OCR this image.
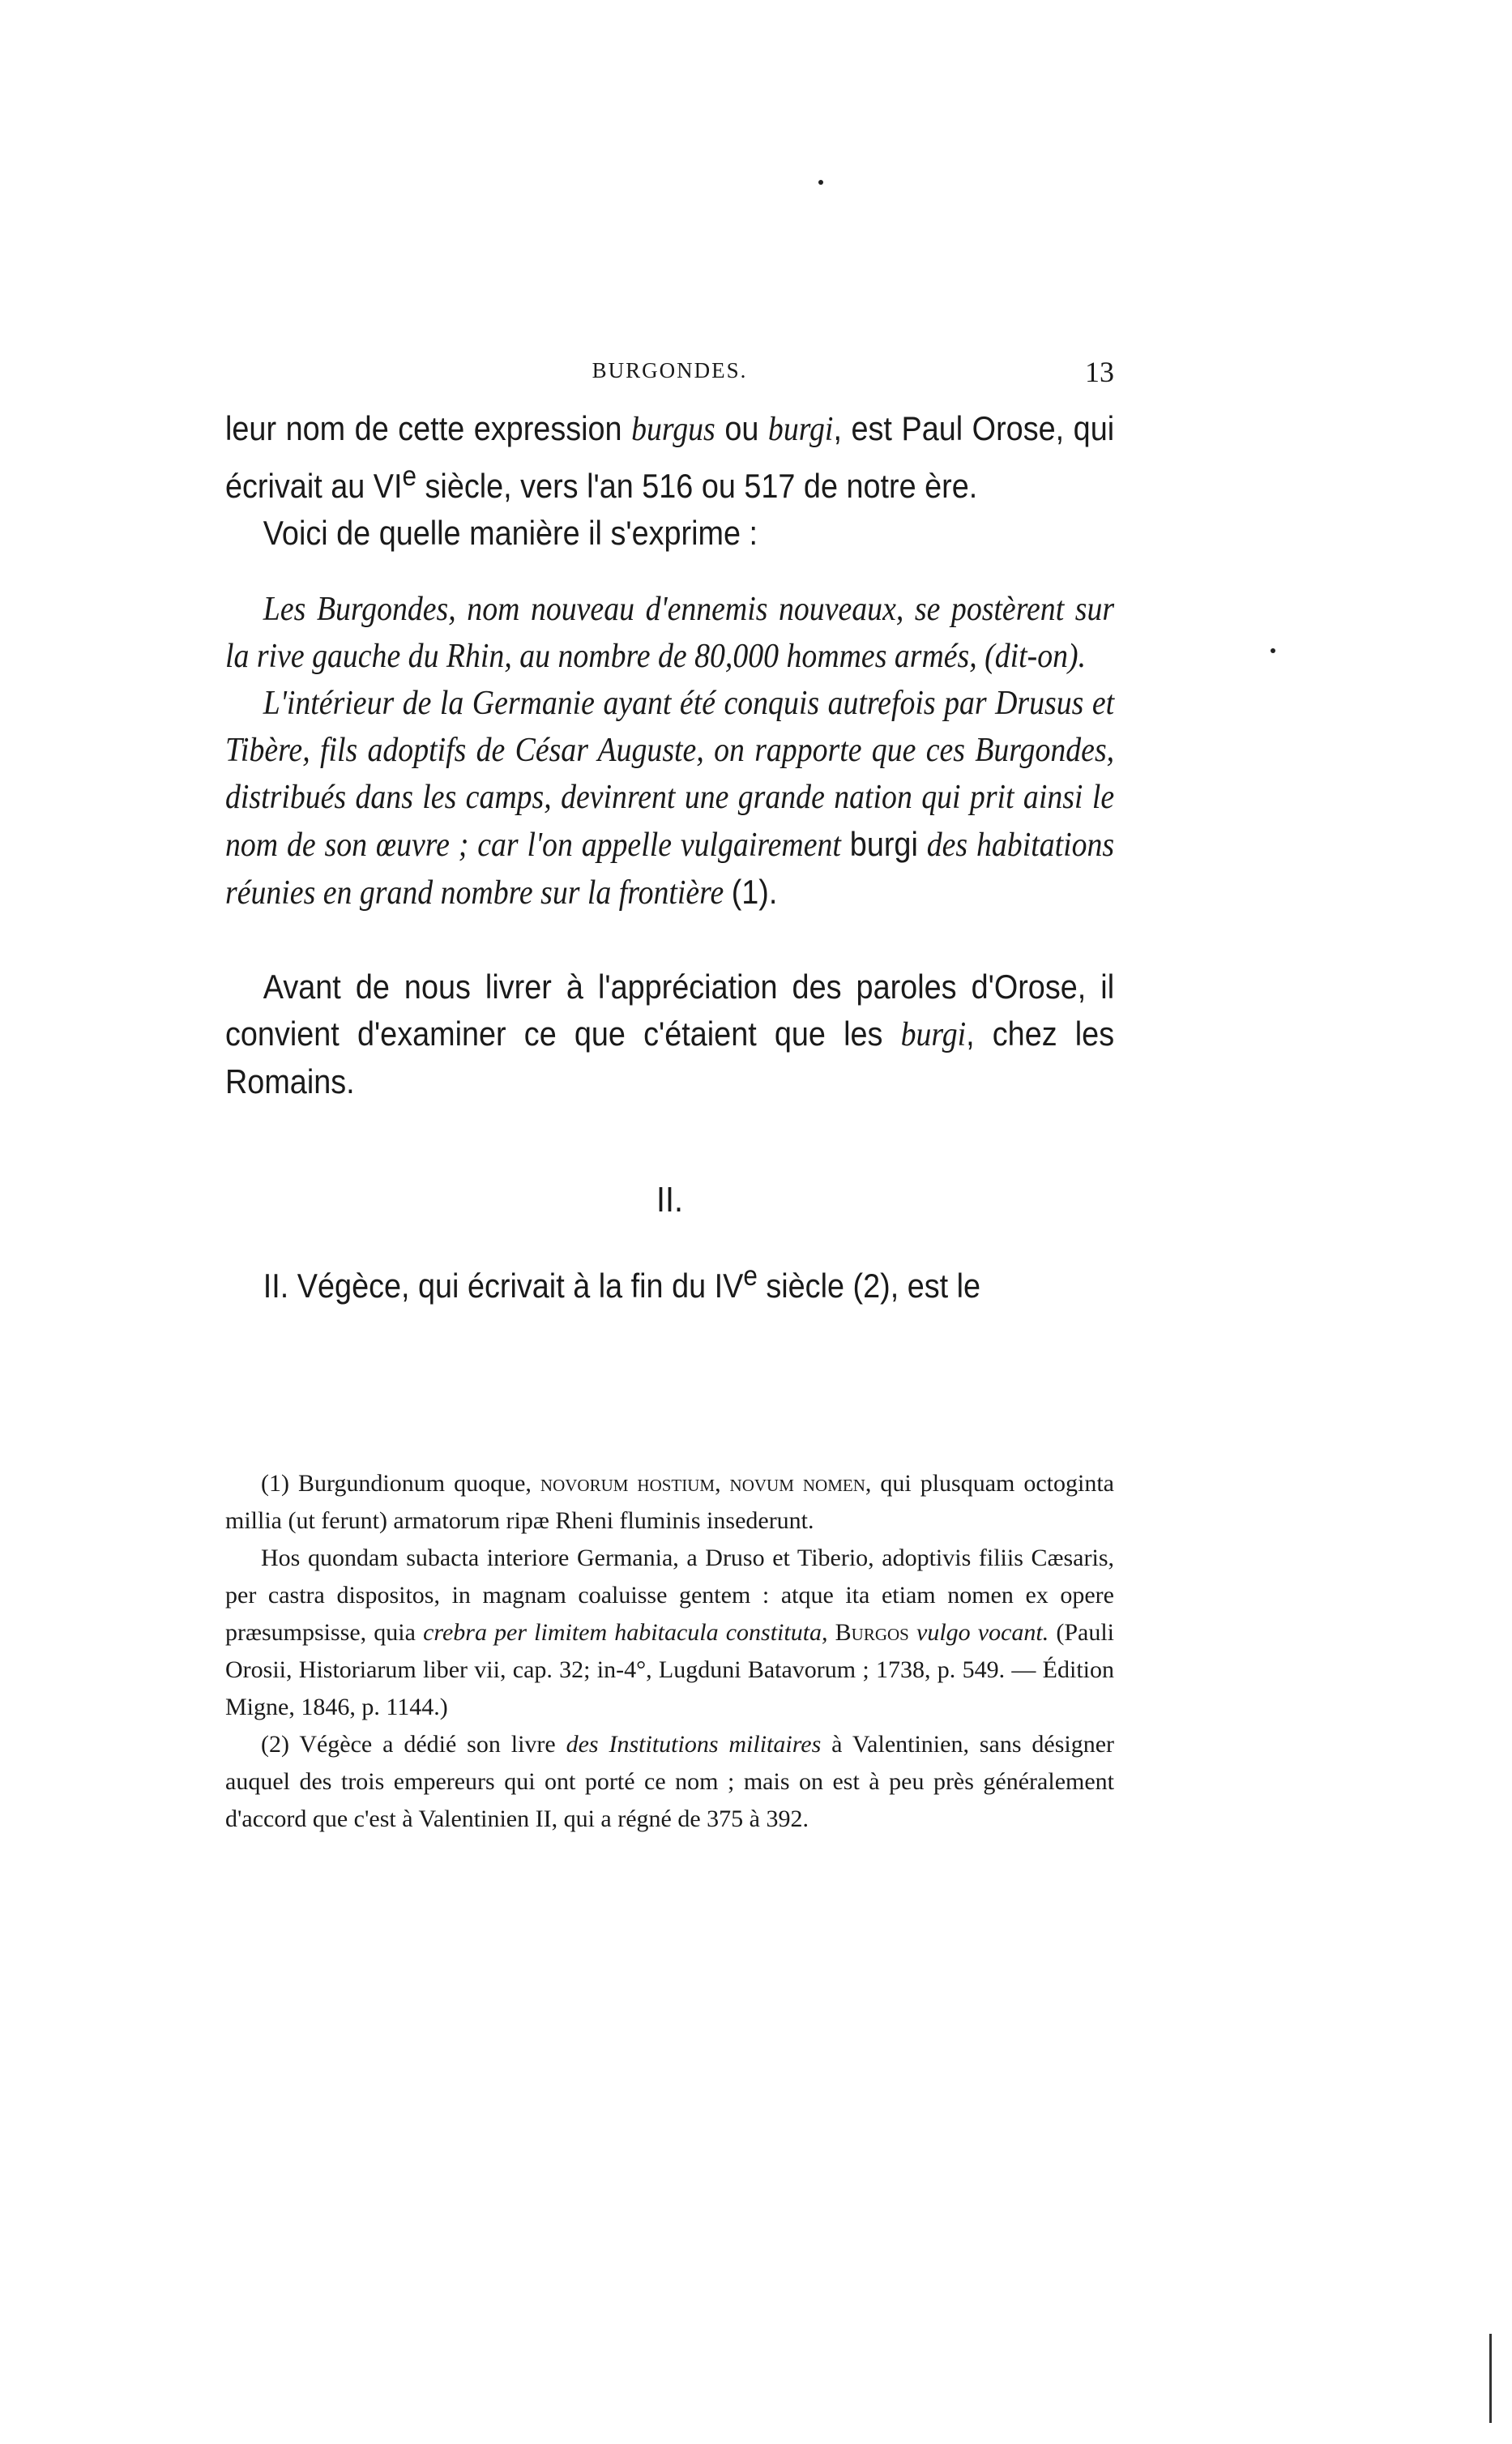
BURGONDES.	13

leur nom de cette expression burgus ou burgi, est Paul Orose, qui écrivait au VIe siècle, vers l'an 516 ou 517 de notre ère.

Voici de quelle manière il s'exprime :

Les Burgondes, nom nouveau d'ennemis nouveaux, se postèrent sur la rive gauche du Rhin, au nombre de 80,000 hommes armés, (dit-on).

L'intérieur de la Germanie ayant été conquis autrefois par Drusus et Tibère, fils adoptifs de César Auguste, on rapporte que ces Burgondes, distribués dans les camps, devinrent une grande nation qui prit ainsi le nom de son œuvre ; car l'on appelle vulgairement burgi des habitations réunies en grand nombre sur la frontière (1).

Avant de nous livrer à l'appréciation des paroles d'Orose, il convient d'examiner ce que c'étaient que les burgi, chez les Romains.

II.

II. Végèce, qui écrivait à la fin du IVe siècle (2), est le

(1) Burgundionum quoque, novorum hostium, novum nomen, qui plusquam octoginta millia (ut ferunt) armatorum ripæ Rheni fluminis insederunt.

Hos quondam subacta interiore Germania, a Druso et Tiberio, adoptivis filiis Cæsaris, per castra dispositos, in magnam coaluisse gentem : atque ita etiam nomen ex opere præsumpsisse, quia crebra per limitem habitacula constituta, Burgos vulgo vocant. (Pauli Orosii, Historiarum liber vii, cap. 32; in-4°, Lugduni Batavorum ; 1738, p. 549. — Édition Migne, 1846, p. 1144.)

(2) Végèce a dédié son livre des Institutions militaires à Valentinien, sans désigner auquel des trois empereurs qui ont porté ce nom ; mais on est à peu près généralement d'accord que c'est à Valentinien II, qui a régné de 375 à 392.
